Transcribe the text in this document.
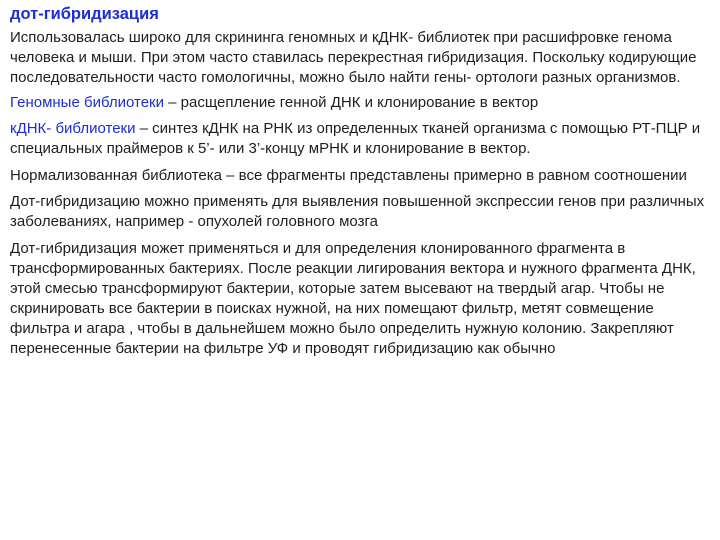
дот-гибридизация

Использовалась широко для скрининга геномных и кДНК- библиотек при расшифровке генома человека и мыши. При этом часто ставилась перекрестная гибридизация. Поскольку кодирующие последовательности часто гомологичны, можно было найти гены- ортологи разных организмов.

Геномные библиотеки – расщепление генной ДНК и клонирование в вектор

кДНК- библиотеки – синтез кДНК на РНК из определенных тканей организма с помощью РТ-ПЦР и специальных праймеров к 5’- или 3’-концу мРНК и клонирование в вектор.

Нормализованная библиотека – все фрагменты представлены примерно в равном соотношении

Дот-гибридизацию можно применять для выявления повышенной экспрессии генов при различных заболеваниях, например - опухолей головного мозга

Дот-гибридизация может применяться и для определения клонированного фрагмента в трансформированных бактериях. После реакции лигирования вектора и нужного фрагмента ДНК, этой смесью трансформируют бактерии, которые затем высевают на твердый агар. Чтобы не скринировать все бактерии в поисках нужной, на них помещают фильтр, метят совмещение фильтра и агара , чтобы в дальнейшем можно было определить нужную колонию. Закрепляют перенесенные бактерии на фильтре УФ и проводят гибридизацию как обычно
